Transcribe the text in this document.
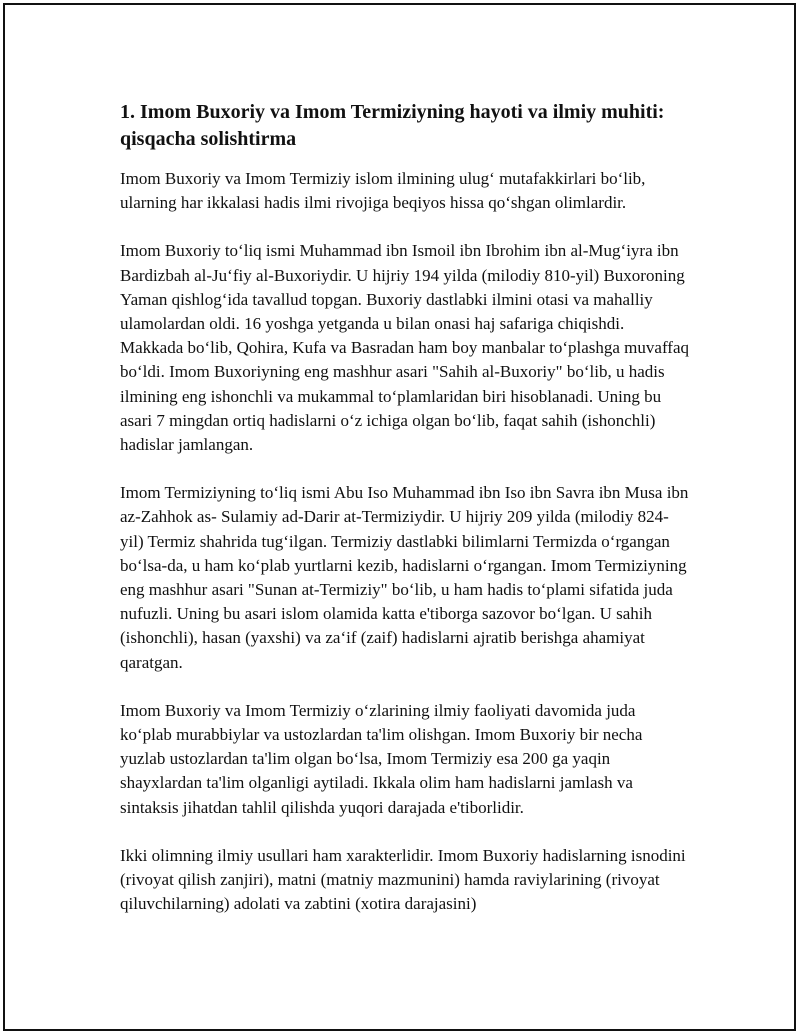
1. Imom Buxoriy va Imom Termiziyning hayoti va ilmiy muhiti: qisqacha solishtirma

Imom Buxoriy va Imom Termiziy islom ilmining ulug‘ mutafakkirlari bo‘lib, ularning har ikkalasi hadis ilmi rivojiga beqiyos hissa qo‘shgan olimlardir.

Imom Buxoriy to‘liq ismi Muhammad ibn Ismoil ibn Ibrohim ibn al-Mug‘iyra ibn Bardizbah al-Ju‘fiy al-Buxoriydir. U hijriy 194 yilda (milodiy 810-yil) Buxoroning Yaman qishlog‘ida tavallud topgan. Buxoriy dastlabki ilmini otasi va mahalliy ulamolardan oldi. 16 yoshga yetganda u bilan onasi haj safariga chiqishdi. Makkada bo‘lib, Qohira, Kufa va Basradan ham boy manbalar to‘plashga muvaffaq bo‘ldi. Imom Buxoriyning eng mashhur asari "Sahih al-Buxoriy" bo‘lib, u hadis ilmining eng ishonchli va mukammal to‘plamlaridan biri hisoblanadi. Uning bu asari 7 mingdan ortiq hadislarni o‘z ichiga olgan bo‘lib, faqat sahih (ishonchli) hadislar jamlangan.

Imom Termiziyning to‘liq ismi Abu Iso Muhammad ibn Iso ibn Savra ibn Musa ibn az-Zahhok as- Sulamiy ad-Darir at-Termiziydir. U hijriy 209 yilda (milodiy 824-yil) Termiz shahrida tug‘ilgan. Termiziy dastlabki bilimlarni Termizda o‘rgangan bo‘lsa-da, u ham ko‘plab yurtlarni kezib, hadislarni o‘rgangan. Imom Termiziyning eng mashhur asari "Sunan at-Termiziy" bo‘lib, u ham hadis to‘plami sifatida juda nufuzli. Uning bu asari islom olamida katta e'tiborga sazovor bo‘lgan. U sahih (ishonchli), hasan (yaxshi) va za‘if (zaif) hadislarni ajratib berishga ahamiyat qaratgan.

Imom Buxoriy va Imom Termiziy o‘zlarining ilmiy faoliyati davomida juda ko‘plab murabbiylar va ustozlardan ta'lim olishgan. Imom Buxoriy bir necha yuzlab ustozlardan ta'lim olgan bo‘lsa, Imom Termiziy esa 200 ga yaqin shayxlardan ta'lim olganligi aytiladi. Ikkala olim ham hadislarni jamlash va sintaksis jihatdan tahlil qilishda yuqori darajada e'tiborlidir.

Ikki olimning ilmiy usullari ham xarakterlidir. Imom Buxoriy hadislarning isnodini (rivoyat qilish zanjiri), matni (matniy mazmunini) hamda raviylarining (rivoyat qiluvchilarning) adolati va zabtini (xotira darajasini)
